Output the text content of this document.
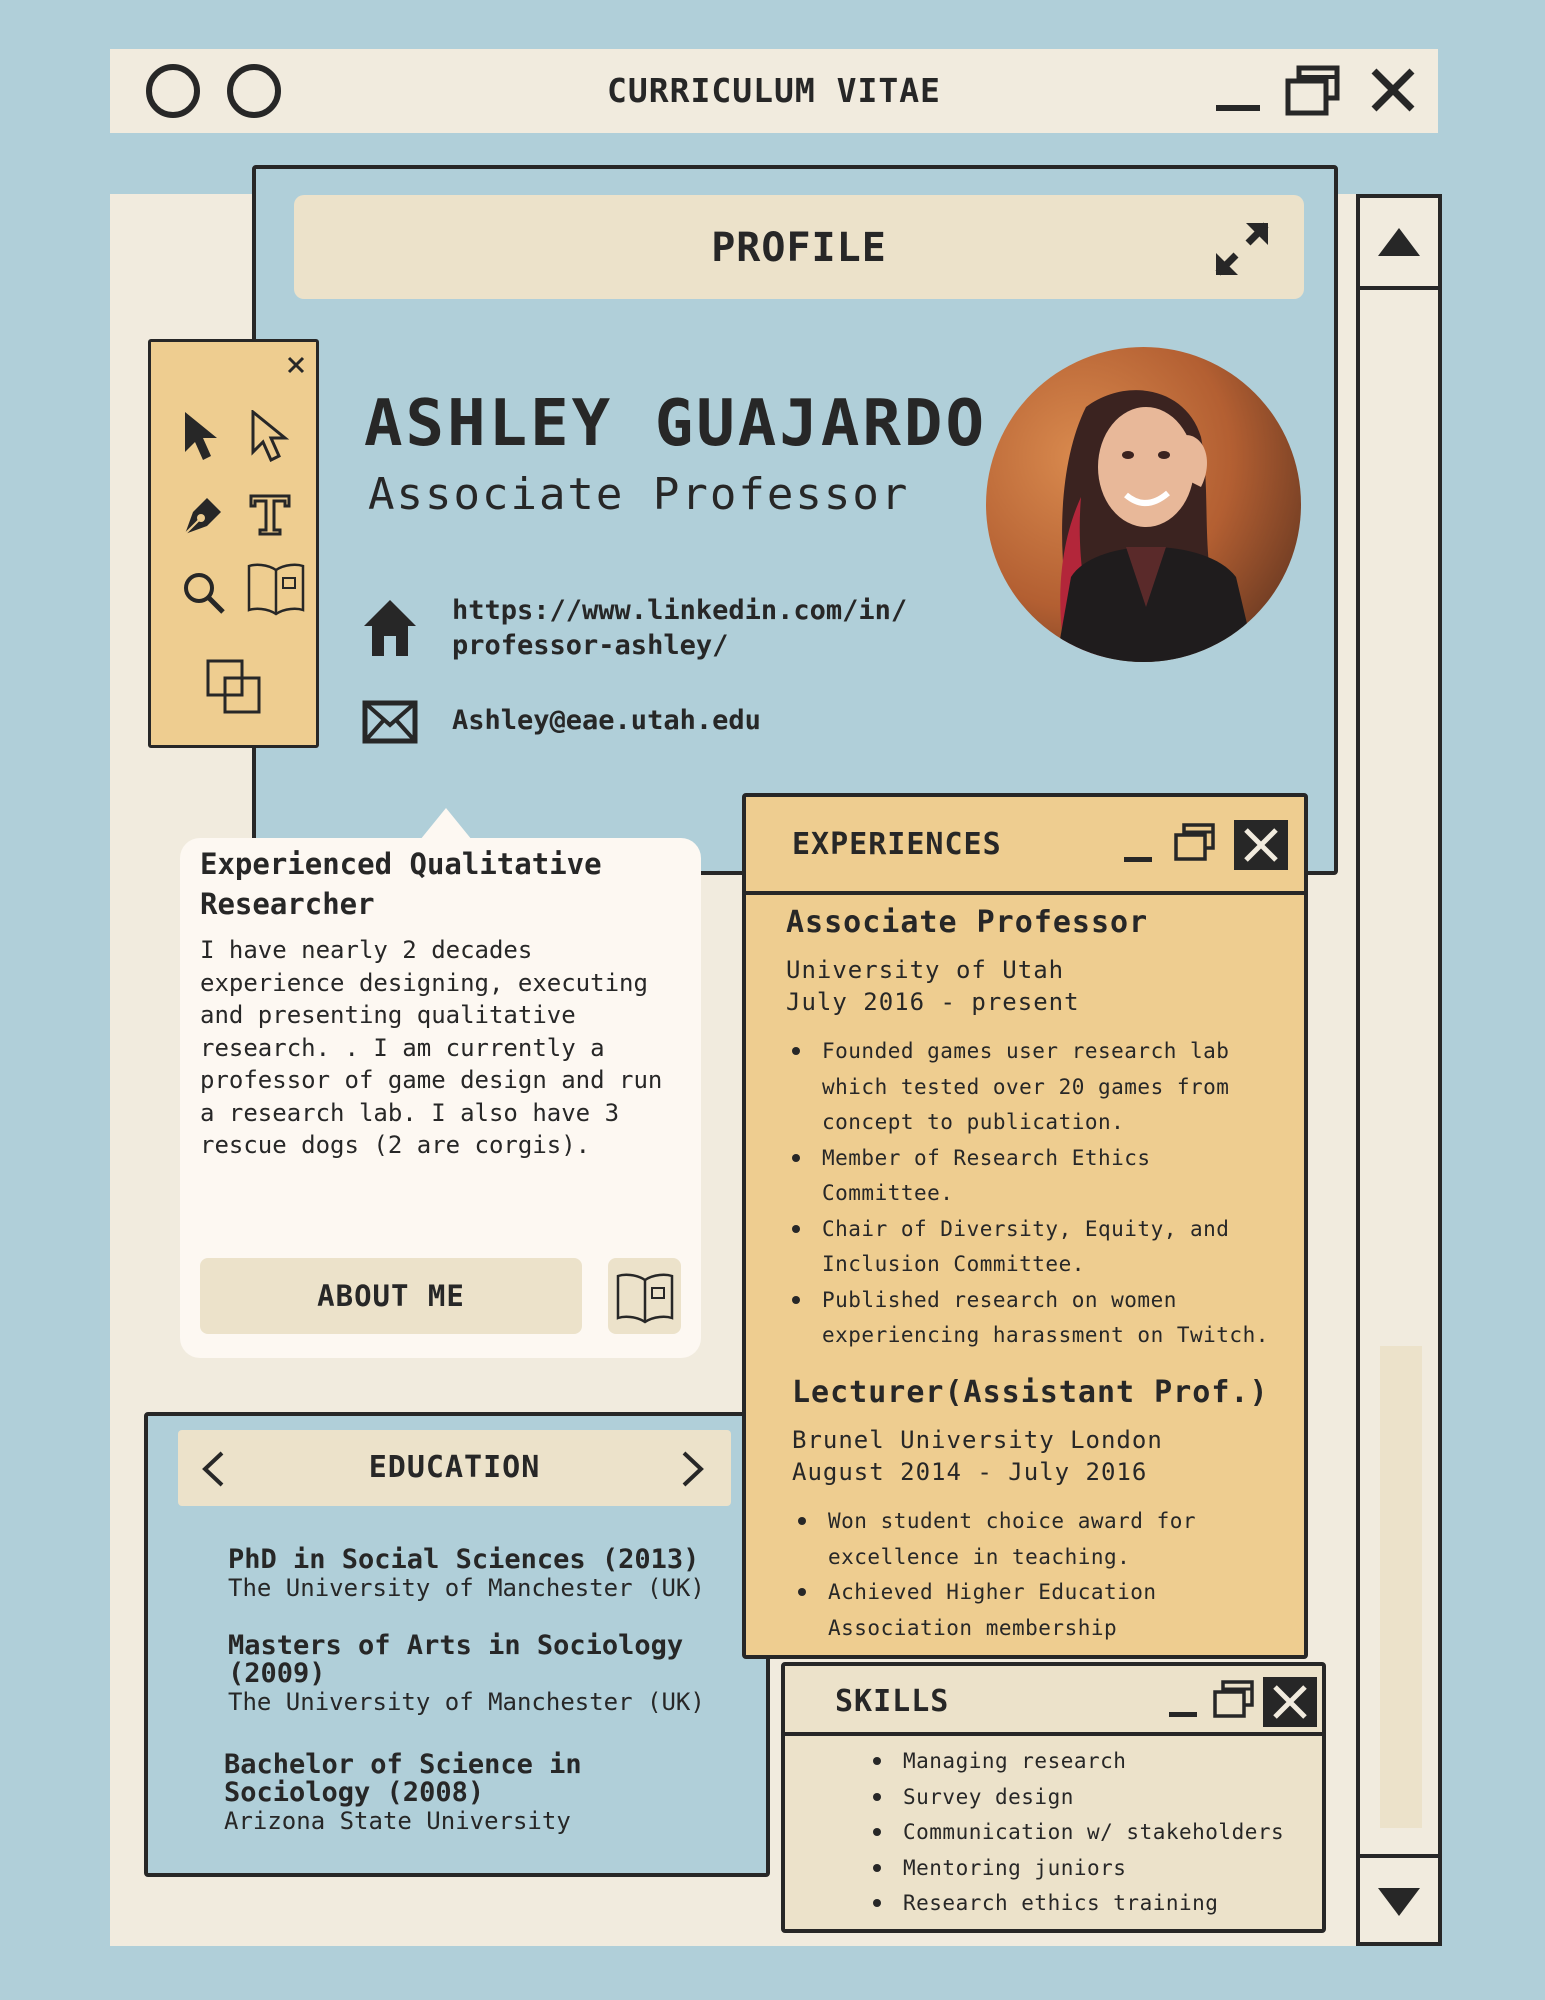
CURRICULUM VITAE
PROFILE
ASHLEY GUAJARDO
Associate Professor
https://www.linkedin.com/in/
professor-ashley/
Ashley@eae.utah.edu
Experienced Qualitative Researcher
I have nearly 2 decades experience designing, executing and presenting qualitative research. . I am currently a professor of game design and run a research lab. I also have 3 rescue dogs (2 are corgis).
ABOUT ME
EDUCATION
PhD in Social Sciences (2013)
The University of Manchester (UK)
Masters of Arts in Sociology (2009)
The University of Manchester (UK)
Bachelor of Science in Sociology (2008)
Arizona State University
EXPERIENCES
Associate Professor
University of Utah
July 2016 - present
Founded games user research lab which tested over 20 games from concept to publication.
Member of Research Ethics Committee.
Chair of Diversity, Equity, and Inclusion Committee.
Published research on women experiencing harassment on Twitch.
Lecturer(Assistant Prof.)
Brunel University London
August 2014 - July 2016
Won student choice award for excellence in teaching.
Achieved Higher Education Association membership
SKILLS
Managing research
Survey design
Communication w/ stakeholders
Mentoring juniors
Research ethics training
